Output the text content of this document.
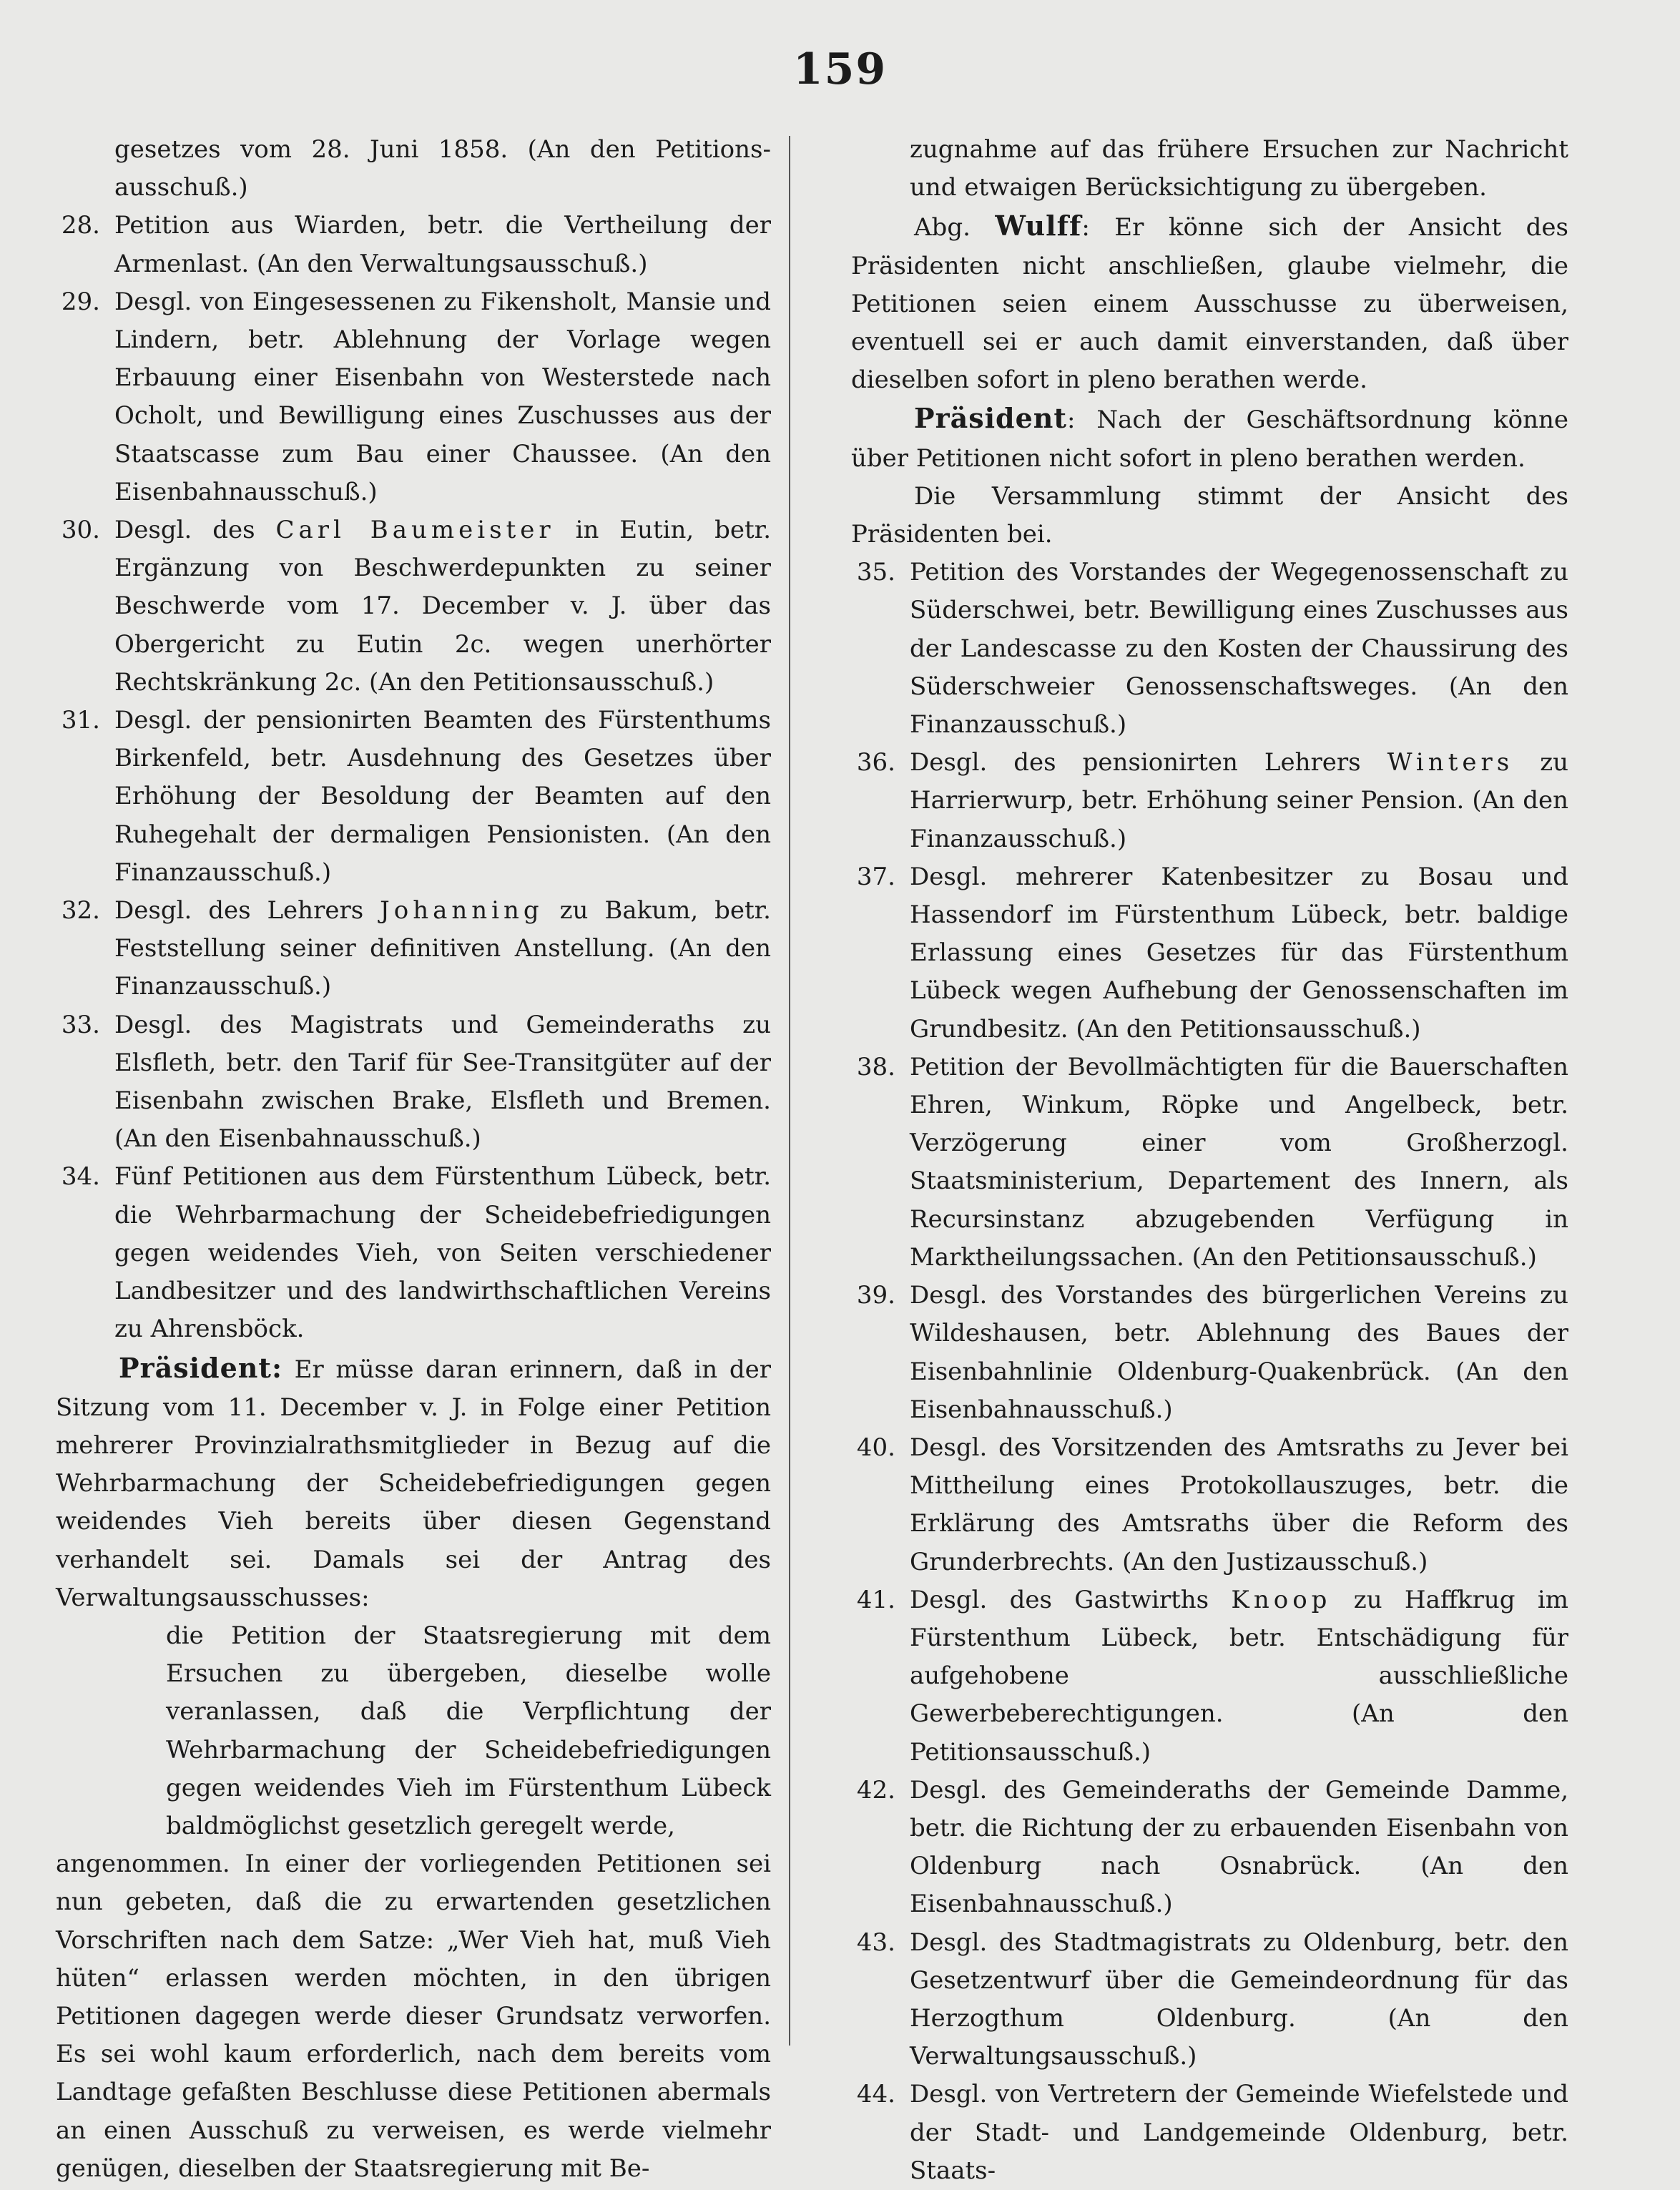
159
gesetzes vom 28. Juni 1858. (An den Petitions-ausschuß.)
28. Petition aus Wiarden, betr. die Vertheilung der Armenlast. (An den Verwaltungsausschuß.)
29. Desgl. von Eingesessenen zu Fikensholt, Mansie und Lindern, betr. Ablehnung der Vorlage wegen Erbauung einer Eisenbahn von Westerstede nach Ocholt, und Bewilligung eines Zuschusses aus der Staatscasse zum Bau einer Chaussee. (An den Eisenbahnausschuß.)
30. Desgl. des Carl Baumeister in Eutin, betr. Ergänzung von Beschwerdepunkten zu seiner Beschwerde vom 17. December v. J. über das Obergericht zu Eutin 2c. wegen unerhörter Rechtskränkung 2c. (An den Petitionsausschuß.)
31. Desgl. der pensionirten Beamten des Fürstenthums Birkenfeld, betr. Ausdehnung des Gesetzes über Erhöhung der Besoldung der Beamten auf den Ruhegehalt der dermaligen Pensionisten. (An den Finanzausschuß.)
32. Desgl. des Lehrers Johanning zu Bakum, betr. Feststellung seiner definitiven Anstellung. (An den Finanzausschuß.)
33. Desgl. des Magistrats und Gemeinderaths zu Elsfleth, betr. den Tarif für See-Transitgüter auf der Eisenbahn zwischen Brake, Elsfleth und Bremen. (An den Eisenbahnausschuß.)
34. Fünf Petitionen aus dem Fürstenthum Lübeck, betr. die Wehrbarmachung der Scheidebefriedigungen gegen weidendes Vieh, von Seiten verschiedener Landbesitzer und des landwirthschaftlichen Vereins zu Ahrensböck.
Präsident: Er müsse daran erinnern, daß in der Sitzung vom 11. December v. J. in Folge einer Petition mehrerer Provinzialrathsmitglieder in Bezug auf die Wehrbarmachung der Scheidebefriedigungen gegen weidendes Vieh bereits über diesen Gegenstand verhandelt sei. Damals sei der Antrag des Verwaltungsausschusses:
die Petition der Staatsregierung mit dem Ersuchen zu übergeben, dieselbe wolle veranlassen, daß die Verpflichtung der Wehrbarmachung der Scheidebefriedigungen gegen weidendes Vieh im Fürstenthum Lübeck baldmöglichst gesetzlich geregelt werde,
angenommen. In einer der vorliegenden Petitionen sei nun gebeten, daß die zu erwartenden gesetzlichen Vorschriften nach dem Satze: „Wer Vieh hat, muß Vieh hüten“ erlassen werden möchten, in den übrigen Petitionen dagegen werde dieser Grundsatz verworfen. Es sei wohl kaum erforderlich, nach dem bereits vom Landtage gefaßten Beschlusse diese Petitionen abermals an einen Ausschuß zu verweisen, es werde vielmehr genügen, dieselben der Staatsregierung mit Be-
zugnahme auf das frühere Ersuchen zur Nachricht und etwaigen Berücksichtigung zu übergeben.
Abg. Wulff: Er könne sich der Ansicht des Präsidenten nicht anschließen, glaube vielmehr, die Petitionen seien einem Ausschusse zu überweisen, eventuell sei er auch damit einverstanden, daß über dieselben sofort in pleno berathen werde.
Präsident: Nach der Geschäftsordnung könne über Petitionen nicht sofort in pleno berathen werden.
Die Versammlung stimmt der Ansicht des Präsidenten bei.
35. Petition des Vorstandes der Wegegenossenschaft zu Süderschwei, betr. Bewilligung eines Zuschusses aus der Landescasse zu den Kosten der Chaussirung des Süderschweier Genossenschaftsweges. (An den Finanzausschuß.)
36. Desgl. des pensionirten Lehrers Winters zu Harrierwurp, betr. Erhöhung seiner Pension. (An den Finanzausschuß.)
37. Desgl. mehrerer Katenbesitzer zu Bosau und Hassendorf im Fürstenthum Lübeck, betr. baldige Erlassung eines Gesetzes für das Fürstenthum Lübeck wegen Aufhebung der Genossenschaften im Grundbesitz. (An den Petitionsausschuß.)
38. Petition der Bevollmächtigten für die Bauerschaften Ehren, Winkum, Röpke und Angelbeck, betr. Verzögerung einer vom Großherzogl. Staatsministerium, Departement des Innern, als Recursinstanz abzugebenden Verfügung in Marktheilungssachen. (An den Petitionsausschuß.)
39. Desgl. des Vorstandes des bürgerlichen Vereins zu Wildeshausen, betr. Ablehnung des Baues der Eisenbahnlinie Oldenburg-Quakenbrück. (An den Eisenbahnausschuß.)
40. Desgl. des Vorsitzenden des Amtsraths zu Jever bei Mittheilung eines Protokollauszuges, betr. die Erklärung des Amtsraths über die Reform des Grunderbrechts. (An den Justizausschuß.)
41. Desgl. des Gastwirths Knoop zu Haffkrug im Fürstenthum Lübeck, betr. Entschädigung für aufgehobene ausschließliche Gewerbeberechtigungen. (An den Petitionsausschuß.)
42. Desgl. des Gemeinderaths der Gemeinde Damme, betr. die Richtung der zu erbauenden Eisenbahn von Oldenburg nach Osnabrück. (An den Eisenbahnausschuß.)
43. Desgl. des Stadtmagistrats zu Oldenburg, betr. den Gesetzentwurf über die Gemeindeordnung für das Herzogthum Oldenburg. (An den Verwaltungsausschuß.)
44. Desgl. von Vertretern der Gemeinde Wiefelstede und der Stadt- und Landgemeinde Oldenburg, betr. Staats-
